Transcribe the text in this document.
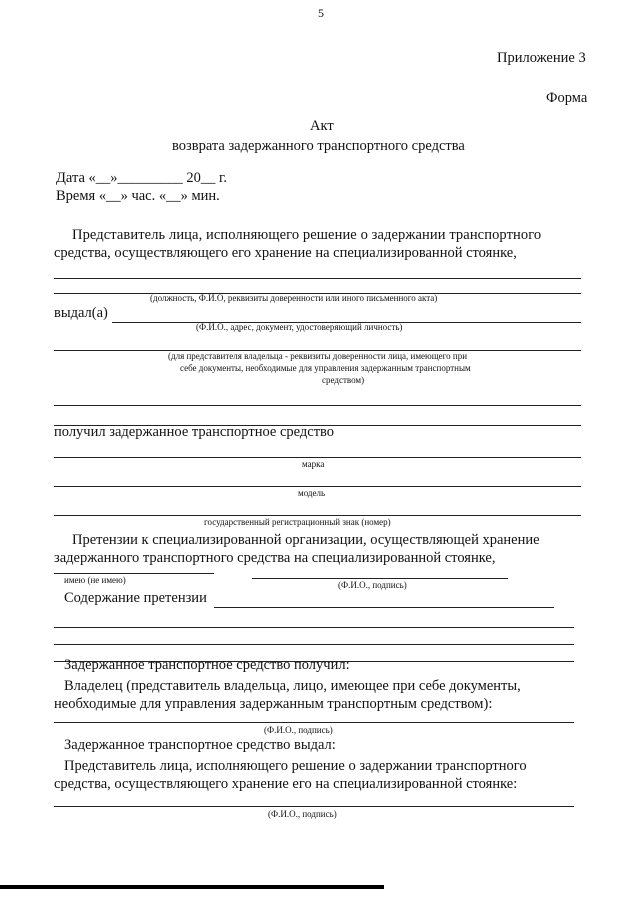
5
Приложение 3
Форма
Акт
возврата задержанного транспортного средства
Дата «__»_________ 20__ г.
Время «__» час. «__» мин.
Представитель лица, исполняющего решение о задержании транспортного
средства, осуществляющего его хранение на специализированной стоянке,
(должность, Ф.И.О, реквизиты доверенности или иного письменного акта)
выдал(а)
(Ф.И.О., адрес, документ, удостоверяющий личность)
(для представителя владельца - реквизиты доверенности лица, имеющего при
себе документы, необходимые для управления задержанным транспортным
средством)
получил задержанное транспортное средство
марка
модель
государственный регистрационный знак (номер)
Претензии к специализированной организации, осуществляющей хранение
задержанного транспортного средства на специализированной стоянке,
имею (не имею)	(Ф.И.О., подпись)
Содержание претензии
Задержанное транспортное средство получил:
Владелец (представитель владельца, лицо, имеющее при себе документы,
необходимые для управления задержанным транспортным средством):
(Ф.И.О., подпись)
Задержанное транспортное средство выдал:
Представитель лица, исполняющего решение о задержании транспортного
средства, осуществляющего хранение его на специализированной стоянке:
(Ф.И.О., подпись)
